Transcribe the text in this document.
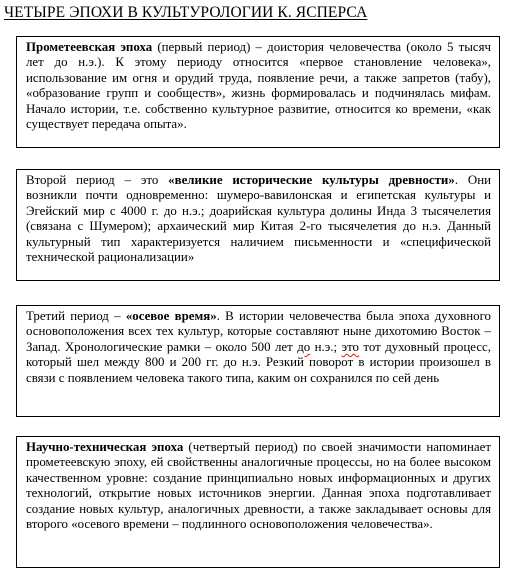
ЧЕТЫРЕ ЭПОХИ В КУЛЬТУРОЛОГИИ К. ЯСПЕРСА
Прометеевская эпоха (первый период) – доистория человечества (около 5 тысяч лет до н.э.). К этому периоду относится «первое становление человека», использование им огня и орудий труда, появление речи, а также запретов (табу), «образование групп и сообществ», жизнь формировалась и подчинялась мифам. Начало истории, т.е. собственно культурное развитие, относится ко времени, «как существует передача опыта».
Второй период – это «великие исторические культуры древности». Они возникли почти одновременно: шумеро-вавилонская и египетская культуры и Эгейский мир с 4000 г. до н.э.; доарийская культура долины Инда 3 тысячелетия (связана с Шумером); архаический мир Китая 2-го тысячелетия до н.э. Данный культурный тип характеризуется наличием письменности и «специфической технической рационализации»
Третий период – «осевое время». В истории человечества была эпоха духовного основоположения всех тех культур, которые составляют ныне дихотомию Восток – Запад. Хронологические рамки – около 500 лет до н.э.; это тот духовный процесс, который шел между 800 и 200 гг. до н.э. Резкий поворот в истории произошел в связи с появлением человека такого типа, каким он сохранился по сей день
Научно-техническая эпоха (четвертый период) по своей значимости напоминает прометеевскую эпоху, ей свойственны аналогичные процессы, но на более высоком качественном уровне: создание принципиально новых информационных и других технологий, открытие новых источников энергии. Данная эпоха подготавливает создание новых культур, аналогичных древности, а также закладывает основы для второго «осевого времени – подлинного основоположения человечества».
